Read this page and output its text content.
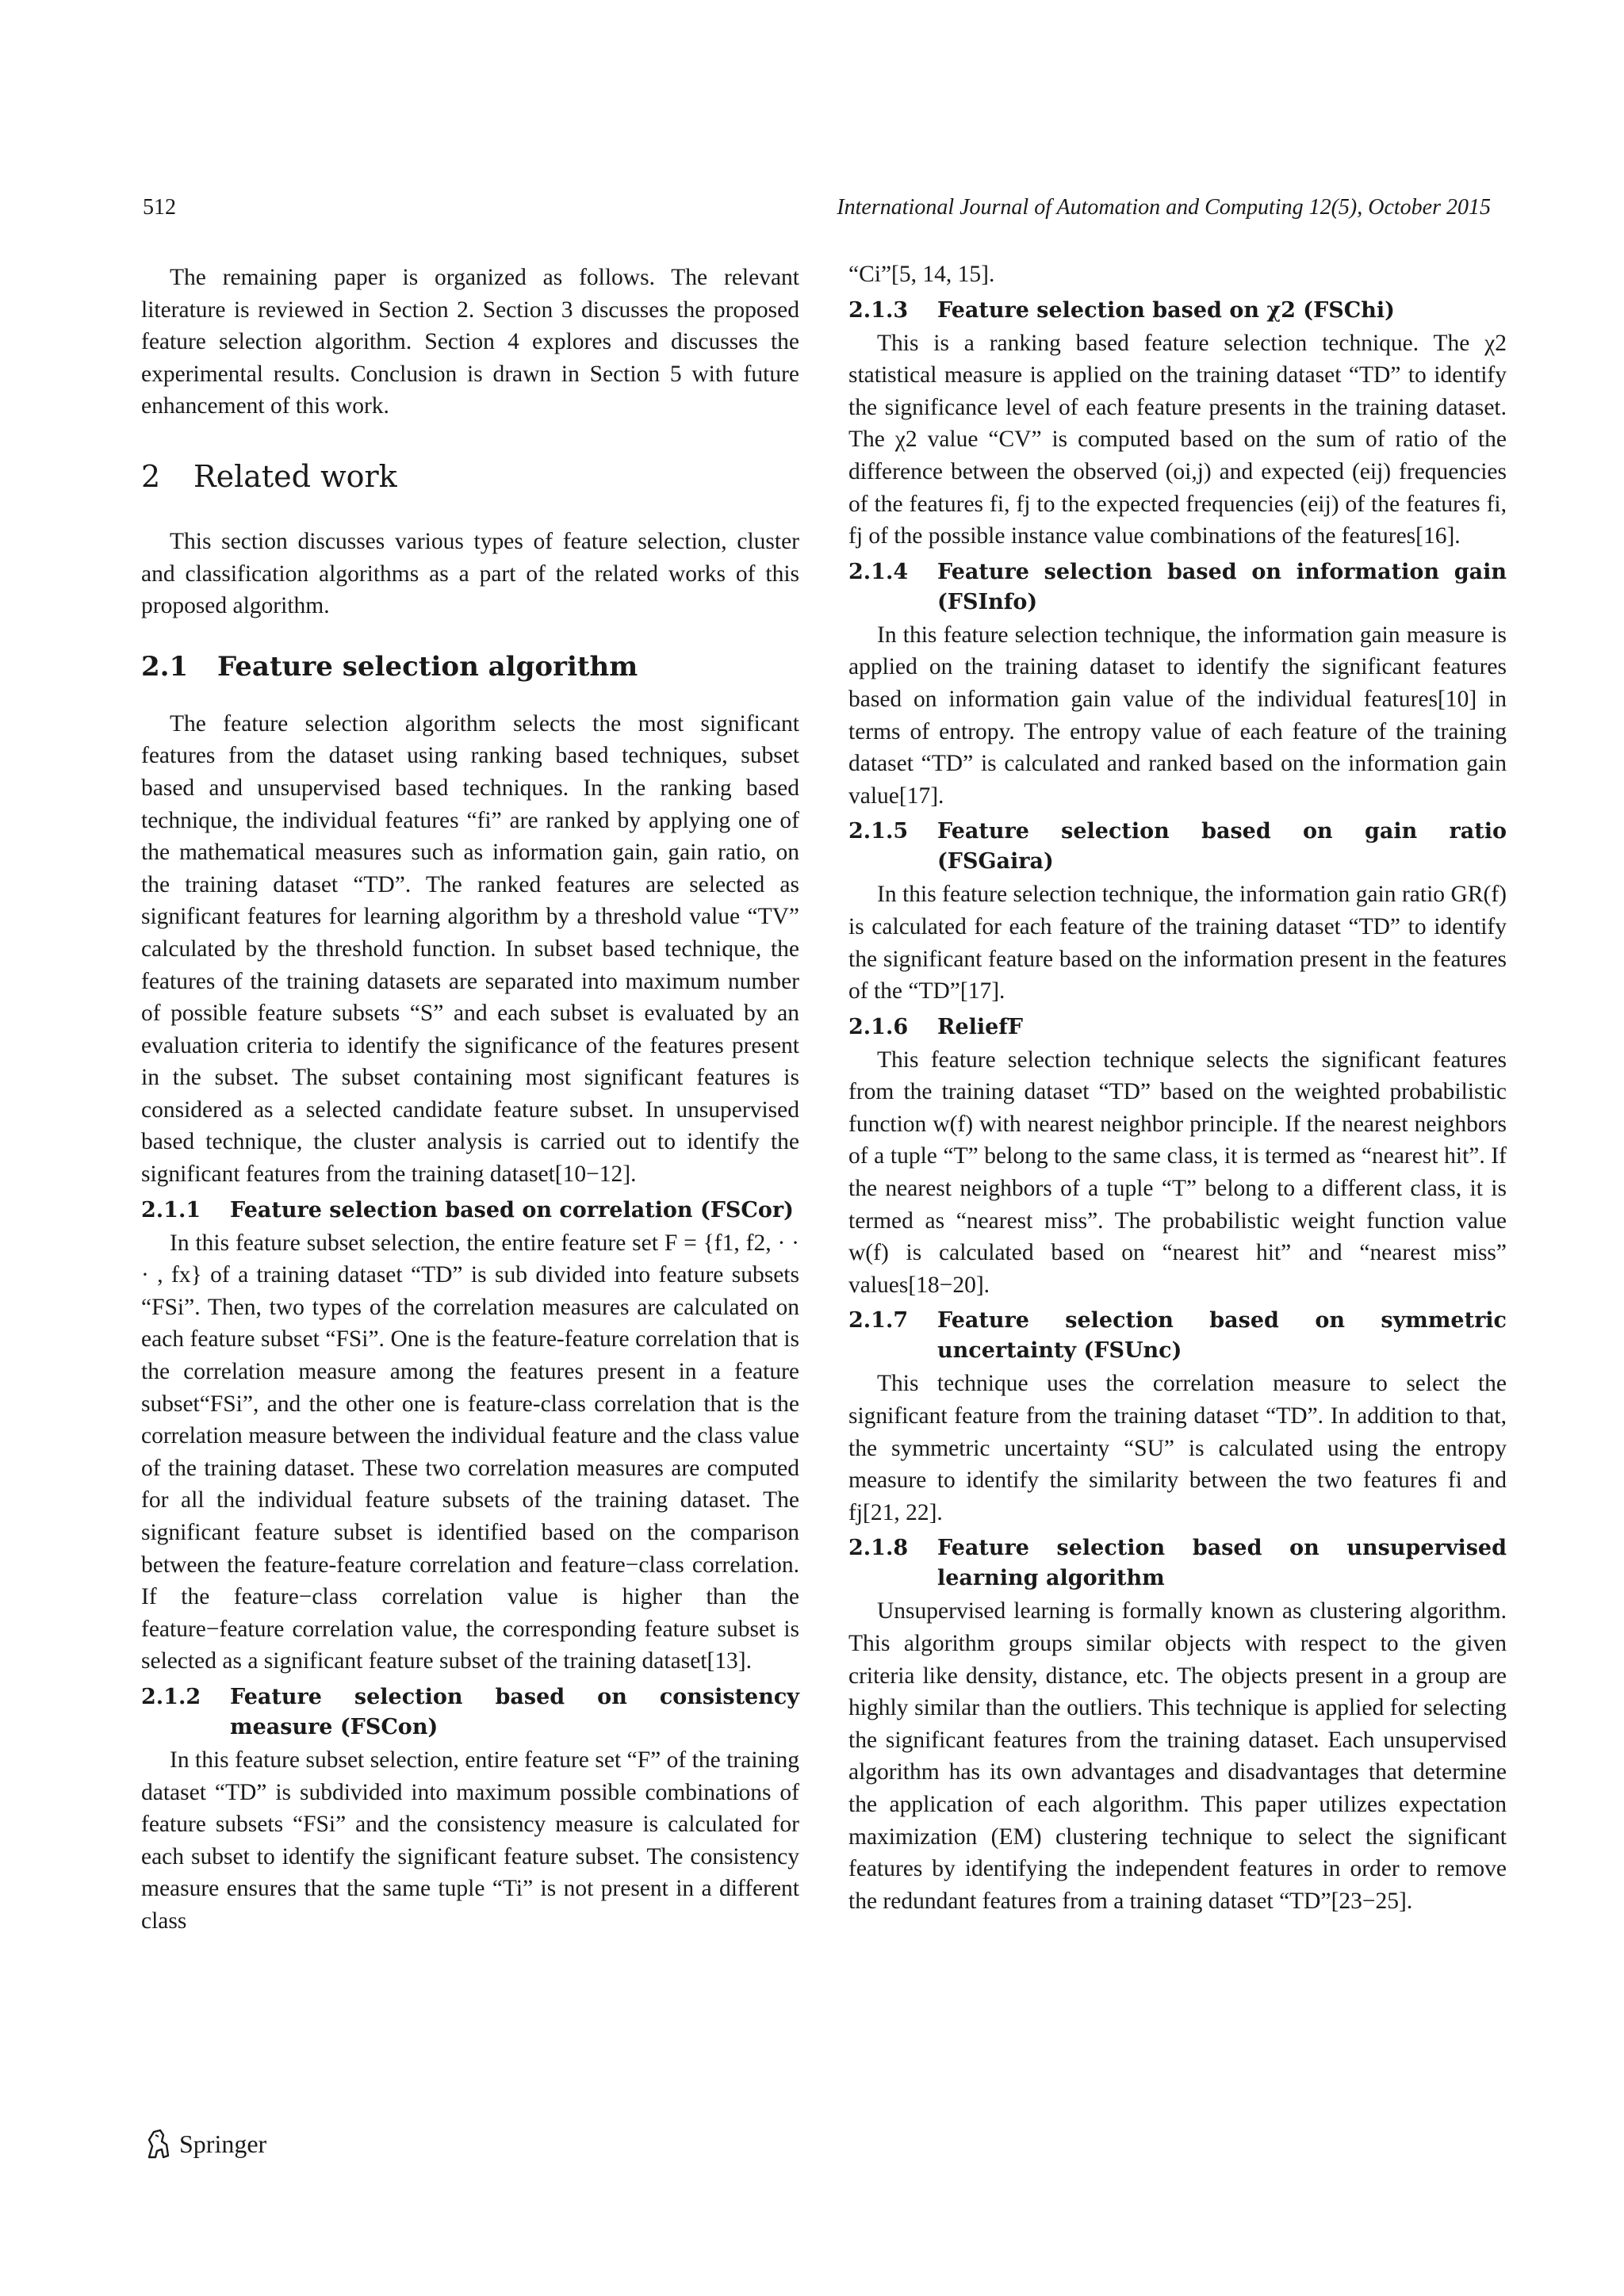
512	International Journal of Automation and Computing 12(5), October 2015

The remaining paper is organized as follows. The relevant literature is reviewed in Section 2. Section 3 discusses the proposed feature selection algorithm. Section 4 explores and discusses the experimental results. Conclusion is drawn in Section 5 with future enhancement of this work.

2 Related work

This section discusses various types of feature selection, cluster and classification algorithms as a part of the related works of this proposed algorithm.

2.1 Feature selection algorithm

The feature selection algorithm selects the most significant features from the dataset using ranking based techniques, subset based and unsupervised based techniques. In the ranking based technique, the individual features “fi” are ranked by applying one of the mathematical measures such as information gain, gain ratio, on the training dataset “TD”. The ranked features are selected as significant features for learning algorithm by a threshold value “TV” calculated by the threshold function. In subset based technique, the features of the training datasets are separated into maximum number of possible feature subsets “S” and each subset is evaluated by an evaluation criteria to identify the significance of the features present in the subset. The subset containing most significant features is considered as a selected candidate feature subset. In unsupervised based technique, the cluster analysis is carried out to identify the significant features from the training dataset[10−12].

2.1.1	Feature selection based on correlation (FSCor)

In this feature subset selection, the entire feature set F = {f1, f2, · · · , fx} of a training dataset “TD” is sub divided into feature subsets “FSi”. Then, two types of the correlation measures are calculated on each feature subset “FSi”. One is the feature-feature correlation that is the correlation measure among the features present in a feature subset“FSi”, and the other one is feature-class correlation that is the correlation measure between the individual feature and the class value of the training dataset. These two correlation measures are computed for all the individual feature subsets of the training dataset. The significant feature subset is identified based on the comparison between the feature-feature correlation and feature−class correlation. If the feature−class correlation value is higher than the feature−feature correlation value, the corresponding feature subset is selected as a significant feature subset of the training dataset[13].

2.1.2	Feature selection based on consistency measure (FSCon)

In this feature subset selection, entire feature set “F” of the training dataset “TD” is subdivided into maximum possible combinations of feature subsets “FSi” and the consistency measure is calculated for each subset to identify the significant feature subset. The consistency measure ensures that the same tuple “Ti” is not present in a different class

“Ci”[5, 14, 15].

2.1.3	Feature selection based on χ2 (FSChi)

This is a ranking based feature selection technique. The χ2 statistical measure is applied on the training dataset “TD” to identify the significance level of each feature presents in the training dataset. The χ2 value “CV” is computed based on the sum of ratio of the difference between the observed (oi,j) and expected (eij) frequencies of the features fi, fj to the expected frequencies (eij) of the features fi, fj of the possible instance value combinations of the features[16].

2.1.4	Feature selection based on information gain (FSInfo)

In this feature selection technique, the information gain measure is applied on the training dataset to identify the significant features based on information gain value of the individual features[10] in terms of entropy. The entropy value of each feature of the training dataset “TD” is calculated and ranked based on the information gain value[17].

2.1.5	Feature selection based on gain ratio (FSGaira)

In this feature selection technique, the information gain ratio GR(f) is calculated for each feature of the training dataset “TD” to identify the significant feature based on the information present in the features of the “TD”[17].

2.1.6	ReliefF

This feature selection technique selects the significant features from the training dataset “TD” based on the weighted probabilistic function w(f) with nearest neighbor principle. If the nearest neighbors of a tuple “T” belong to the same class, it is termed as “nearest hit”. If the nearest neighbors of a tuple “T” belong to a different class, it is termed as “nearest miss”. The probabilistic weight function value w(f) is calculated based on “nearest hit” and “nearest miss” values[18−20].

2.1.7	Feature selection based on symmetric uncertainty (FSUnc)

This technique uses the correlation measure to select the significant feature from the training dataset “TD”. In addition to that, the symmetric uncertainty “SU” is calculated using the entropy measure to identify the similarity between the two features fi and fj[21, 22].

2.1.8	Feature selection based on unsupervised learning algorithm

Unsupervised learning is formally known as clustering algorithm. This algorithm groups similar objects with respect to the given criteria like density, distance, etc. The objects present in a group are highly similar than the outliers. This technique is applied for selecting the significant features from the training dataset. Each unsupervised algorithm has its own advantages and disadvantages that determine the application of each algorithm. This paper utilizes expectation maximization (EM) clustering technique to select the significant features by identifying the independent features in order to remove the redundant features from a training dataset “TD”[23−25].

Springer
